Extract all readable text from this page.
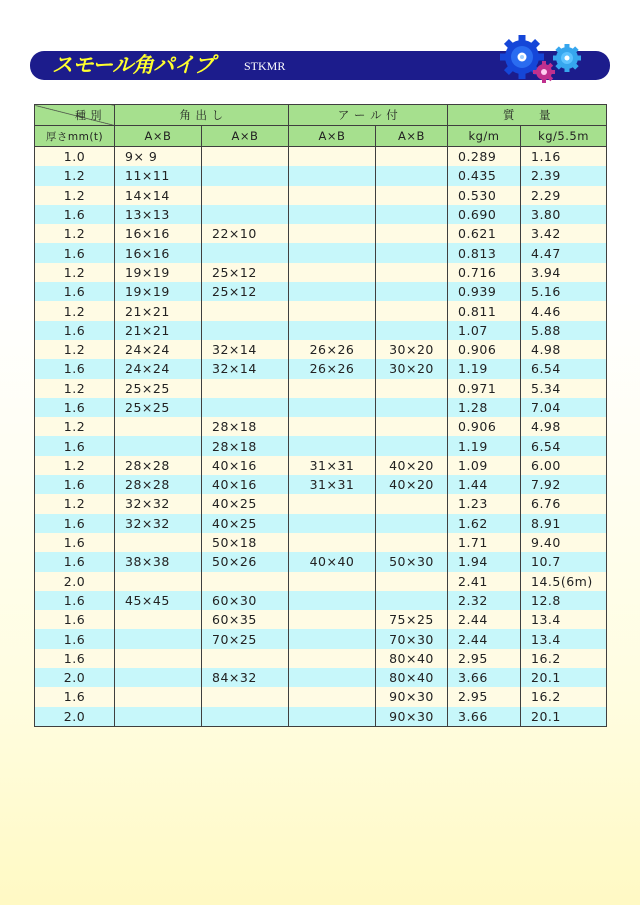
スモール角パイプ STKMR
種 別	角 出 し		ア ー ル 付		質　　量	
厚さmm(t)	A×B	A×B	A×B	A×B	kg/m	kg/5.5m
1.0	9× 9				0.289	1.16
1.2	11×11				0.435	2.39
1.2	14×14				0.530	2.29
1.6	13×13				0.690	3.80
1.2	16×16	22×10			0.621	3.42
1.6	16×16				0.813	4.47
1.2	19×19	25×12			0.716	3.94
1.6	19×19	25×12			0.939	5.16
1.2	21×21				0.811	4.46
1.6	21×21				1.07	5.88
1.2	24×24	32×14	26×26	30×20	0.906	4.98
1.6	24×24	32×14	26×26	30×20	1.19	6.54
1.2	25×25				0.971	5.34
1.6	25×25				1.28	7.04
1.2		28×18			0.906	4.98
1.6		28×18			1.19	6.54
1.2	28×28	40×16	31×31	40×20	1.09	6.00
1.6	28×28	40×16	31×31	40×20	1.44	7.92
1.2	32×32	40×25			1.23	6.76
1.6	32×32	40×25			1.62	8.91
1.6		50×18			1.71	9.40
1.6	38×38	50×26	40×40	50×30	1.94	10.7
2.0					2.41	14.5(6m)
1.6	45×45	60×30			2.32	12.8
1.6		60×35		75×25	2.44	13.4
1.6		70×25		70×30	2.44	13.4
1.6				80×40	2.95	16.2
2.0		84×32		80×40	3.66	20.1
1.6				90×30	2.95	16.2
2.0				90×30	3.66	20.1
